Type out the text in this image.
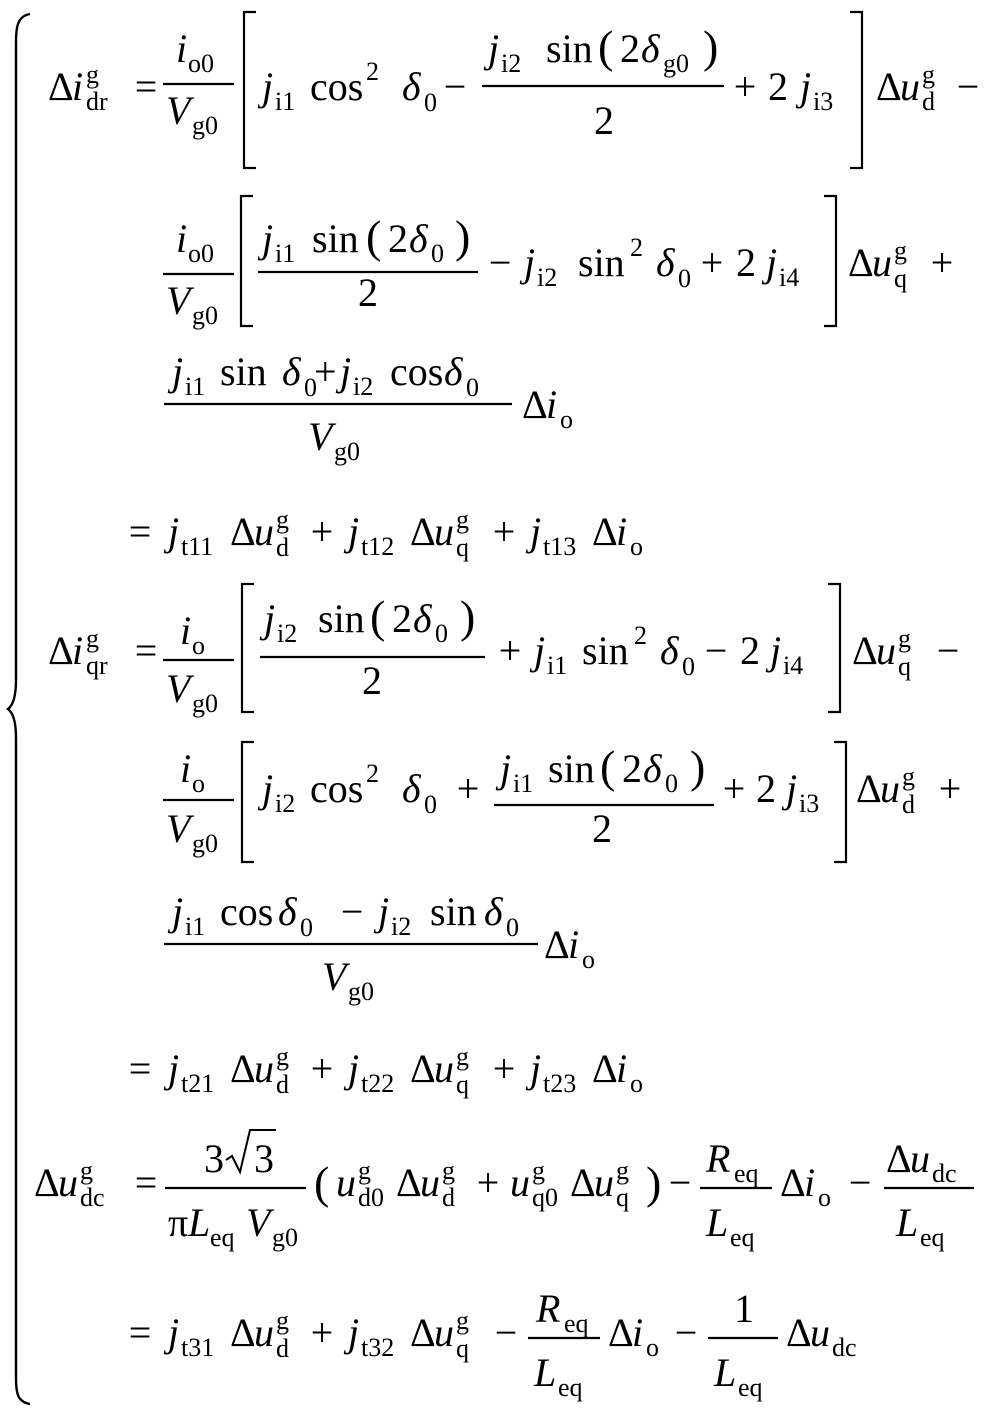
Δ
i g
dr =
i o0
V g0
j i1 cos 2 δ 0 −
j i2 sin ( 2 δ g0 )
2
+ 2 j i3 Δ
u g
d −
i o0
V g0
j i1 sin ( 2 δ 0 )
2
− j i2 sin 2 δ 0 + 2 j i4 Δ
u g
q +
j i1 sin δ 0
+ j i2 cos δ 0
V g0
Δ
i o
= j t11 Δ
u g
d + j t12 Δ
u g
q + j t13 Δ
i o
Δ
i g
qr = i o
V g0
j i2 sin ( 2 δ 0 )
2
+ j i1 sin 2 δ 0 − 2 j i4 Δ
u g
q −
i o
V g0
j i2 cos 2 δ 0 + j i1 sin ( 2 δ 0 )
2
+ 2 j i3 Δ
u g
d +
j i1 cos δ 0 − j i2 sin δ 0
V g0
Δ
i o
= j t21 Δ
u g
d + j t22 Δ
u g
q + j t23 Δ
i o
Δ
u g
dc =
3 3
π L eq V g0
( u g
d0 Δ
u g
d + u g
q0 Δ
u g
q ) −
R eq
L eq
Δ
i o −
Δ
u dc
L eq
= j t31 Δ
u g
d + j t32 Δ
u g
q −
R eq
L eq
Δ
i o −
1
L eq
Δ
u dc
